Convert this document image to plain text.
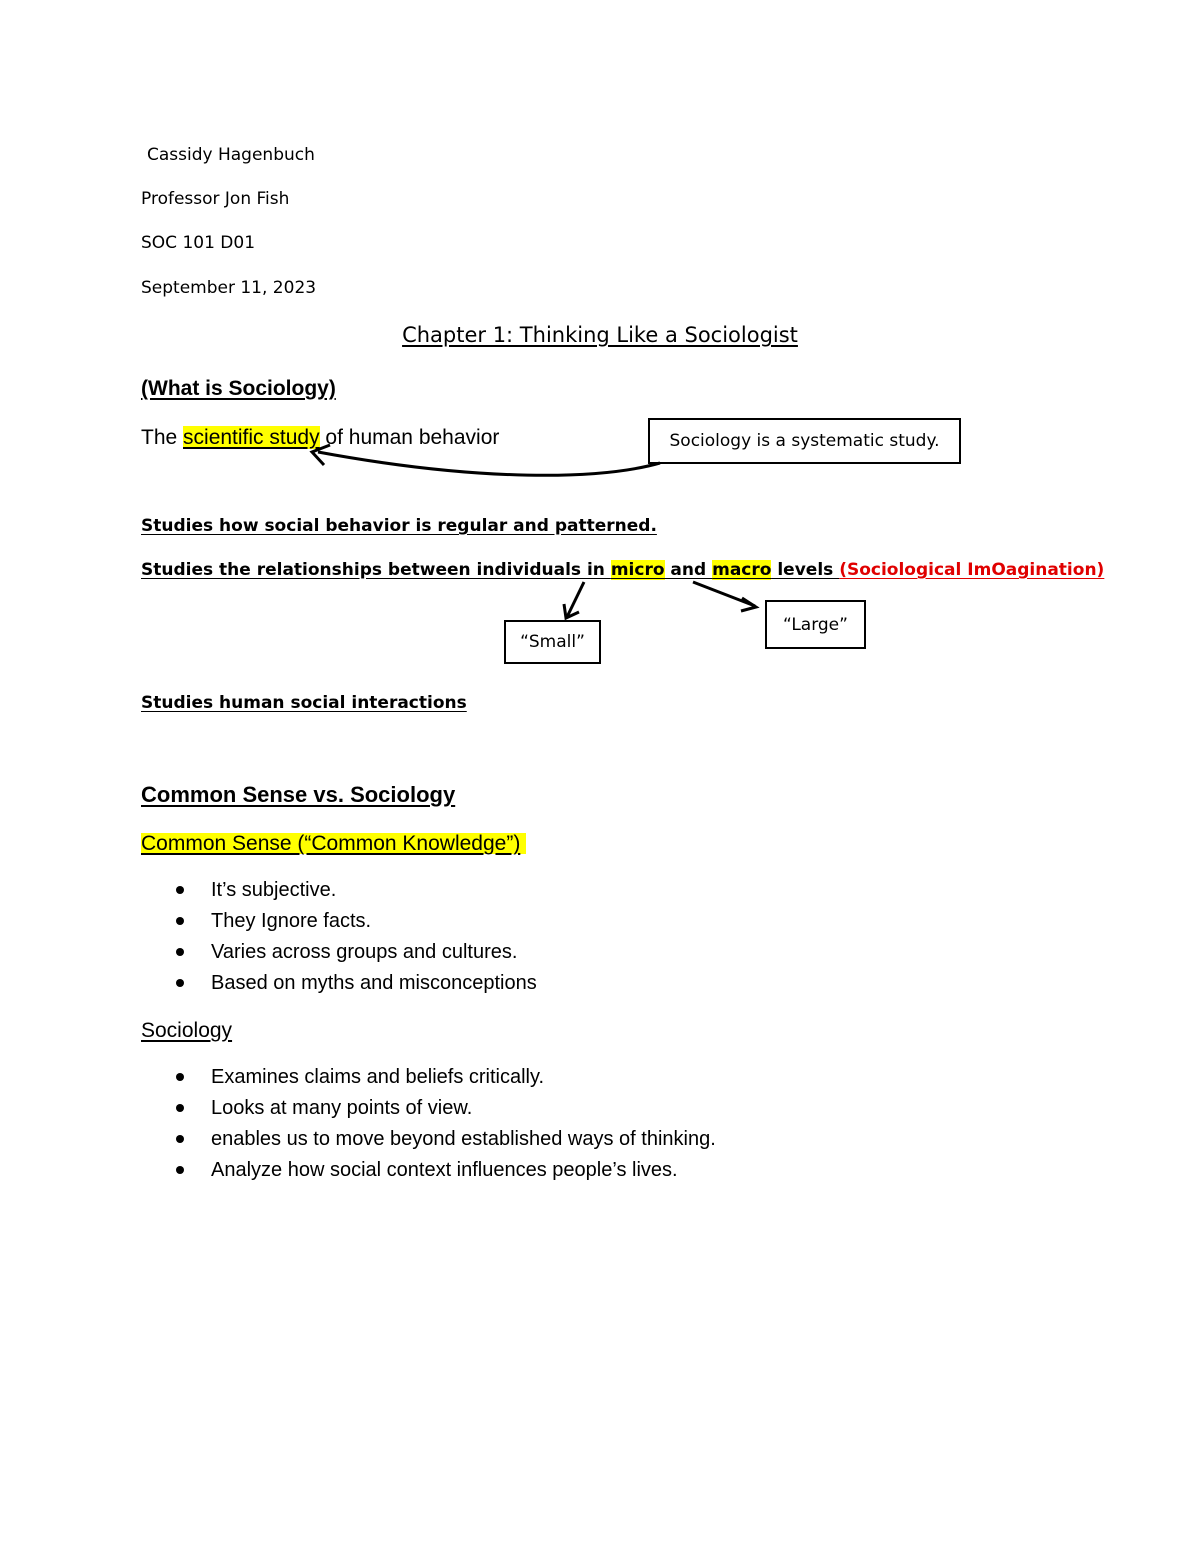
Cassidy Hagenbuch
Professor Jon Fish
SOC 101 D01
September 11, 2023
Chapter 1: Thinking Like a Sociologist
(What is Sociology)
The scientific study of human behavior	Sociology is a systematic study.
Studies how social behavior is regular and patterned.
Studies the relationships between individuals in micro and macro levels (Sociological ImOagination)
“Small”
“Large”
Studies human social interactions
Common Sense vs. Sociology
Common Sense (“Common Knowledge”)
It’s subjective.
They Ignore facts.
Varies across groups and cultures.
Based on myths and misconceptions
Sociology
Examines claims and beliefs critically.
Looks at many points of view.
enables us to move beyond established ways of thinking.
Analyze how social context influences people’s lives.
